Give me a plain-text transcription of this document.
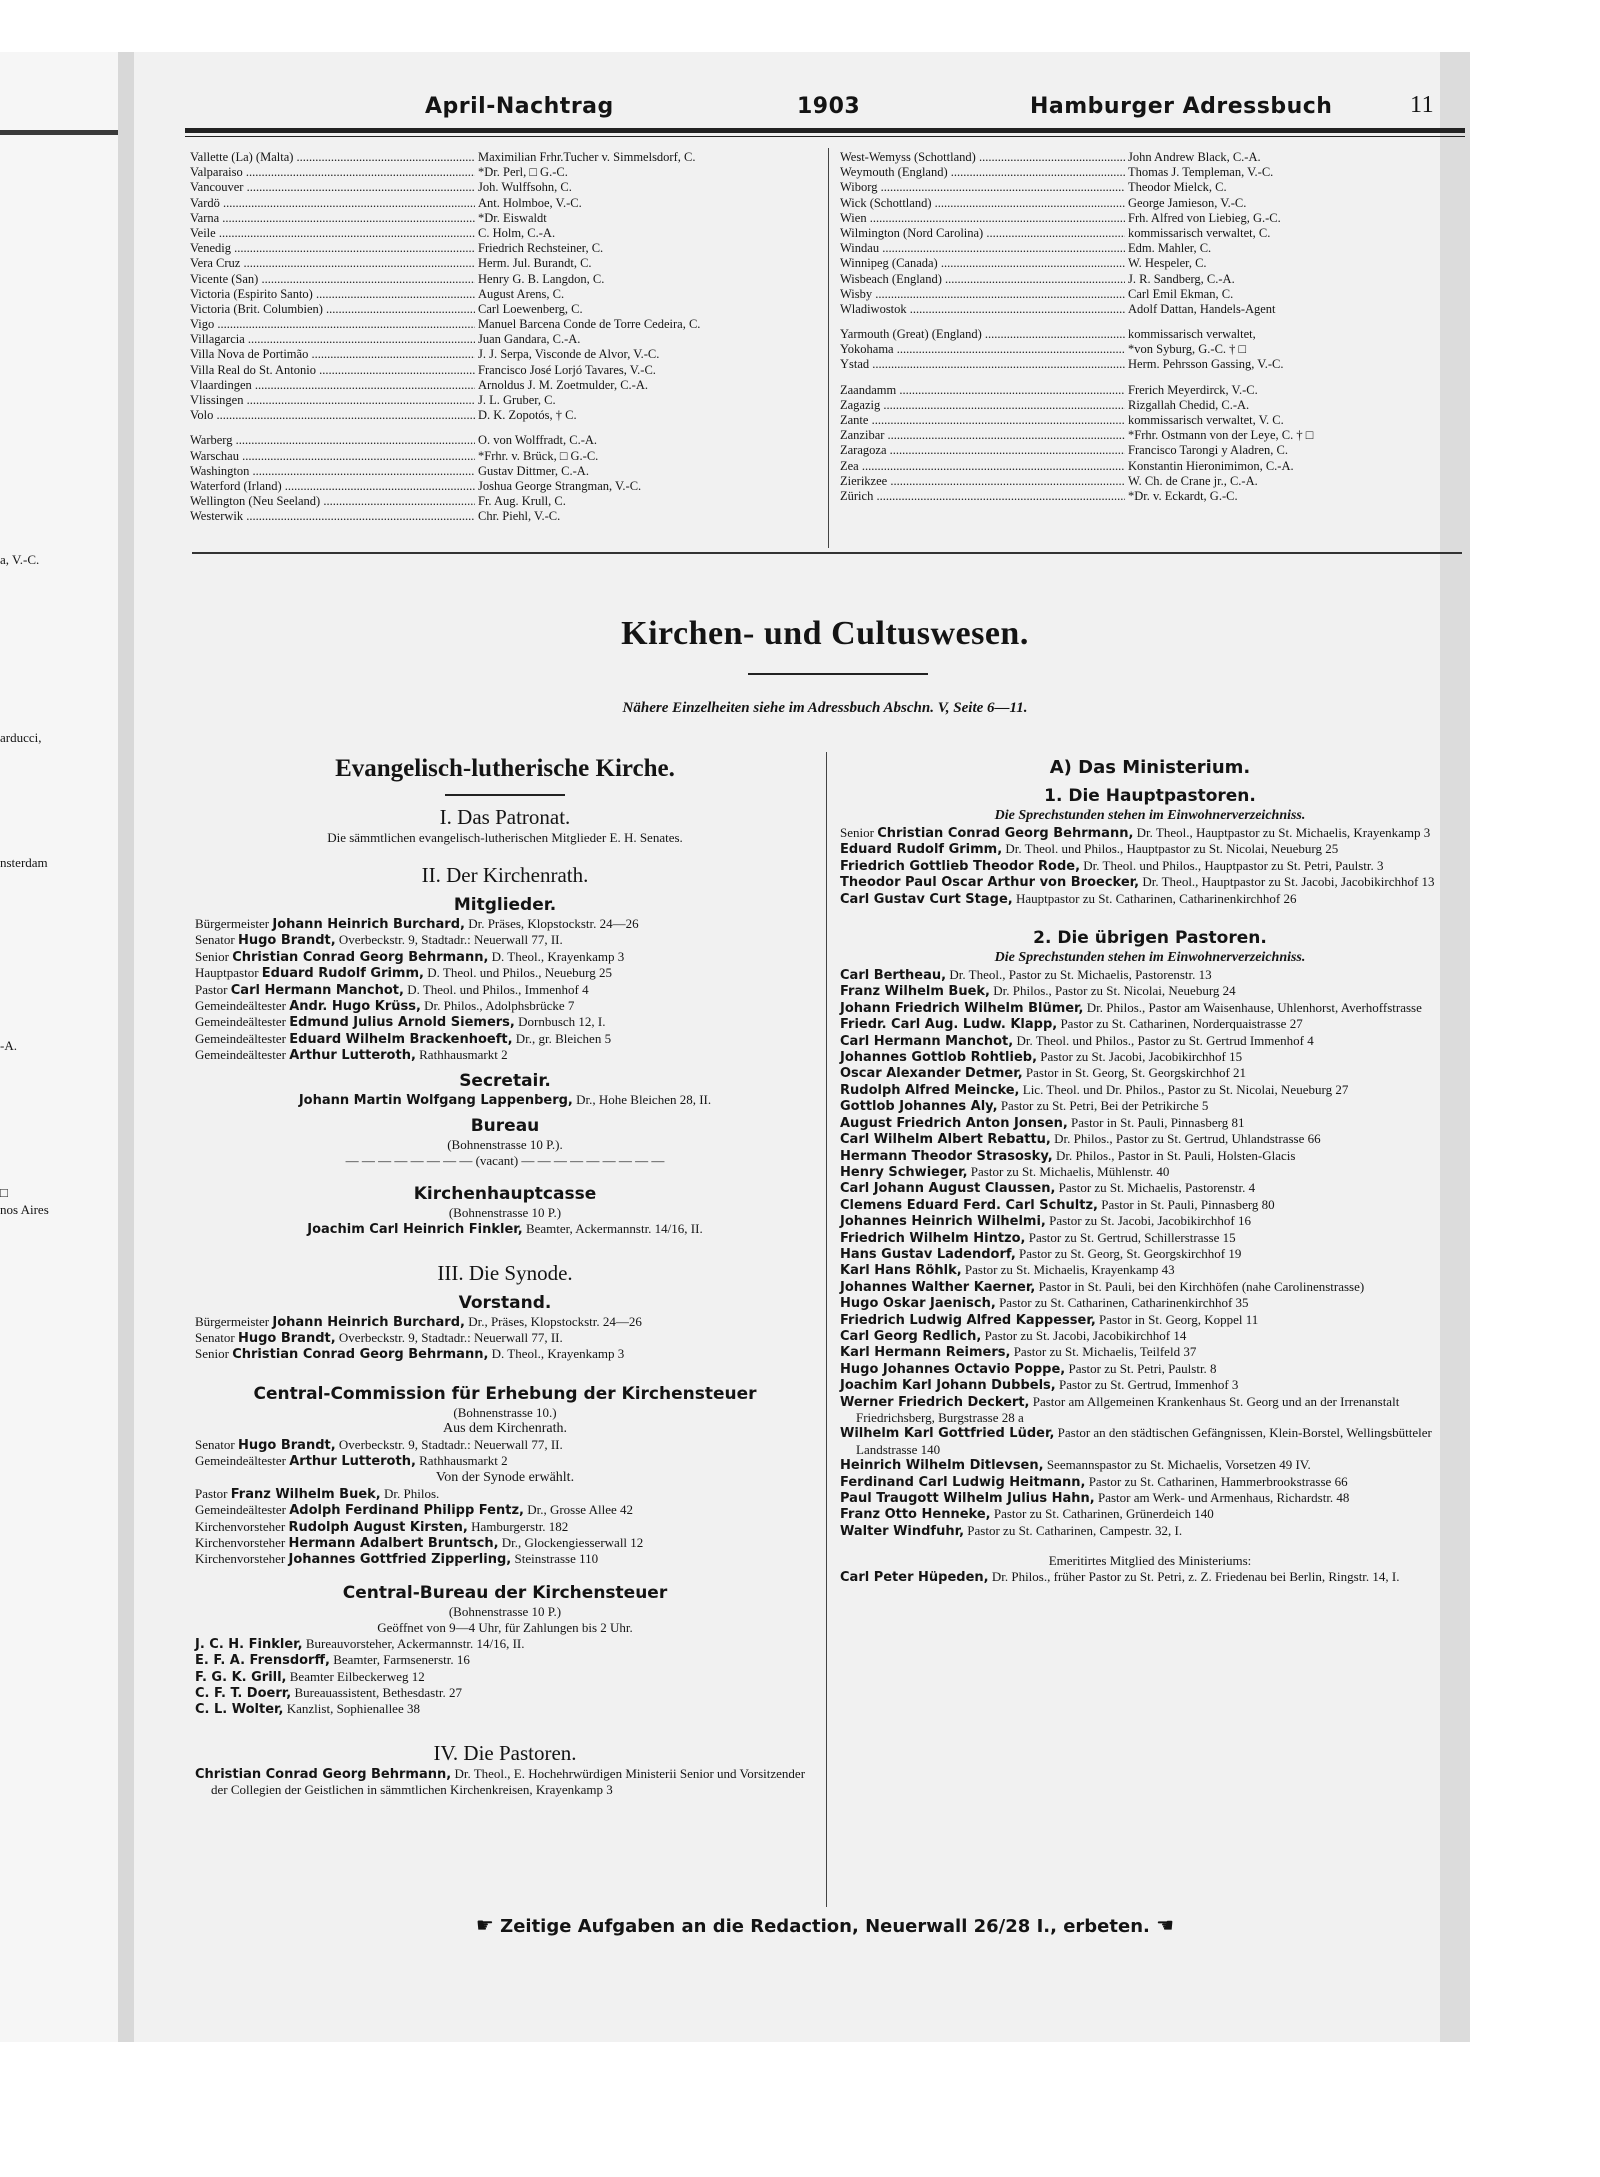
a, V.-C.
arducci,
nsterdam
-A.
□
nos Aires
April-Nachtrag	1903	Hamburger Adressbuch	11
Vallette (La) (Malta) .....	Maximilian Frhr.Tucher v. Simmelsdorf, C.
Valparaiso .....	*Dr. Perl, □ G.-C.
Vancouver .....	Joh. Wulffsohn, C.
Vardö .....	Ant. Holmboe, V.-C.
Varna .....	*Dr. Eiswaldt
Veile .....	C. Holm, C.-A.
Venedig .....	Friedrich Rechsteiner, C.
Vera Cruz .....	Herm. Jul. Burandt, C.
Vicente (San) .....	Henry G. B. Langdon, C.
Victoria (Espirito Santo) .....	August Arens, C.
Victoria (Brit. Columbien) .....	Carl Loewenberg, C.
Vigo .....	Manuel Barcena Conde de Torre Cedeira, C.
Villagarcia .....	Juan Gandara, C.-A.
Villa Nova de Portimão .....	J. J. Serpa, Visconde de Alvor, V.-C.
Villa Real do St. Antonio .....	Francisco José Lorjó Tavares, V.-C.
Vlaardingen .....	Arnoldus J. M. Zoetmulder, C.-A.
Vlissingen .....	J. L. Gruber, C.
Volo .....	D. K. Zopotós, † C.
Warberg .....	O. von Wolffradt, C.-A.
Warschau .....	*Frhr. v. Brück, □ G.-C.
Washington .....	Gustav Dittmer, C.-A.
Waterford (Irland) .....	Joshua George Strangman, V.-C.
Wellington (Neu Seeland) .....	Fr. Aug. Krull, C.
Westerwik .....	Chr. Piehl, V.-C.
West-Wemyss (Schottland) .....	John Andrew Black, C.-A.
Weymouth (England) .....	Thomas J. Templeman, V.-C.
Wiborg .....	Theodor Mielck, C.
Wick (Schottland) .....	George Jamieson, V.-C.
Wien .....	Frh. Alfred von Liebieg, G.-C.
Wilmington (Nord Carolina) .....	kommissarisch verwaltet, C.
Windau .....	Edm. Mahler, C.
Winnipeg (Canada) .....	W. Hespeler, C.
Wisbeach (England) .....	J. R. Sandberg, C.-A.
Wisby .....	Carl Emil Ekman, C.
Wladiwostok .....	Adolf Dattan, Handels-Agent
Yarmouth (Great) (England) .....	kommissarisch verwaltet,
Yokohama .....	*von Syburg, G.-C. † □
Ystad .....	Herm. Pehrsson Gassing, V.-C.
Zaandamm .....	Frerich Meyerdirck, V.-C.
Zagazig .....	Rizgallah Chedid, C.-A.
Zante .....	kommissarisch verwaltet, V. C.
Zanzibar .....	*Frhr. Ostmann von der Leye, C. † □
Zaragoza .....	Francisco Tarongi y Aladren, C.
Zea .....	Konstantin Hieronimimon, C.-A.
Zierikzee .....	W. Ch. de Crane jr., C.-A.
Zürich .....	*Dr. v. Eckardt, G.-C.
Kirchen- und Cultuswesen.
Nähere Einzelheiten siehe im Adressbuch Abschn. V, Seite 6—11.
Evangelisch-lutherische Kirche.
I. Das Patronat.
Die sämmtlichen evangelisch-lutherischen Mitglieder E. H. Senates.
II. Der Kirchenrath.
Mitglieder.

Bürgermeister Johann Heinrich Burchard, Dr. Präses, Klopstockstr. 24—26

Senator Hugo Brandt, Overbeckstr. 9, Stadtadr.: Neuerwall 77, II.

Senior Christian Conrad Georg Behrmann, D. Theol., Krayenkamp 3

Hauptpastor Eduard Rudolf Grimm, D. Theol. und Philos., Neueburg 25

Pastor Carl Hermann Manchot, D. Theol. und Philos., Immenhof 4

Gemeindeältester Andr. Hugo Krüss, Dr. Philos., Adolphsbrücke 7

Gemeindeältester Edmund Julius Arnold Siemers, Dornbusch 12, I.

Gemeindeältester Eduard Wilhelm Brackenhoeft, Dr., gr. Bleichen 5

Gemeindeältester Arthur Lutteroth, Rathhausmarkt 2

Secretair.
Johann Martin Wolfgang Lappenberg, Dr., Hohe Bleichen 28, II.
Bureau
(Bohnenstrasse 10 P.).
— — — — — — — — (vacant) — — — — — — — — —
Kirchenhauptcasse
(Bohnenstrasse 10 P.)
Joachim Carl Heinrich Finkler, Beamter, Ackermannstr. 14/16, II.
III. Die Synode.
Vorstand.

Bürgermeister Johann Heinrich Burchard, Dr., Präses, Klopstockstr. 24—26

Senator Hugo Brandt, Overbeckstr. 9, Stadtadr.: Neuerwall 77, II.

Senior Christian Conrad Georg Behrmann, D. Theol., Krayenkamp 3

Central-Commission für Erhebung der Kirchensteuer
(Bohnenstrasse 10.)
Aus dem Kirchenrath.

Senator Hugo Brandt, Overbeckstr. 9, Stadtadr.: Neuerwall 77, II.

Gemeindeältester Arthur Lutteroth, Rathhausmarkt 2

Von der Synode erwählt.

Pastor Franz Wilhelm Buek, Dr. Philos.

Gemeindeältester Adolph Ferdinand Philipp Fentz, Dr., Grosse Allee 42

Kirchenvorsteher Rudolph August Kirsten, Hamburgerstr. 182

Kirchenvorsteher Hermann Adalbert Bruntsch, Dr., Glockengiesserwall 12

Kirchenvorsteher Johannes Gottfried Zipperling, Steinstrasse 110

Central-Bureau der Kirchensteuer
(Bohnenstrasse 10 P.)
Geöffnet von 9—4 Uhr, für Zahlungen bis 2 Uhr.

J. C. H. Finkler, Bureauvorsteher, Ackermannstr. 14/16, II.

E. F. A. Frensdorff, Beamter, Farmsenerstr. 16

F. G. K. Grill, Beamter Eilbeckerweg 12

C. F. T. Doerr, Bureauassistent, Bethesdastr. 27

C. L. Wolter, Kanzlist, Sophienallee 38

IV. Die Pastoren.

Christian Conrad Georg Behrmann, Dr. Theol., E. Hochehrwürdigen Ministerii Senior und Vorsitzender der Collegien der Geistlichen in sämmtlichen Kirchenkreisen, Krayenkamp 3

A) Das Ministerium.
1. Die Hauptpastoren.
Die Sprechstunden stehen im Einwohnerverzeichniss.

Senior Christian Conrad Georg Behrmann, Dr. Theol., Hauptpastor zu St. Michaelis, Krayenkamp 3

Eduard Rudolf Grimm, Dr. Theol. und Philos., Hauptpastor zu St. Nicolai, Neueburg 25

Friedrich Gottlieb Theodor Rode, Dr. Theol. und Philos., Hauptpastor zu St. Petri, Paulstr. 3

Theodor Paul Oscar Arthur von Broecker, Dr. Theol., Hauptpastor zu St. Jacobi, Jacobikirchhof 13

Carl Gustav Curt Stage, Hauptpastor zu St. Catharinen, Catharinenkirchhof 26

2. Die übrigen Pastoren.
Die Sprechstunden stehen im Einwohnerverzeichniss.

Carl Bertheau, Dr. Theol., Pastor zu St. Michaelis, Pastorenstr. 13

Franz Wilhelm Buek, Dr. Philos., Pastor zu St. Nicolai, Neueburg 24

Johann Friedrich Wilhelm Blümer, Dr. Philos., Pastor am Waisenhause, Uhlenhorst, Averhoffstrasse

Friedr. Carl Aug. Ludw. Klapp, Pastor zu St. Catharinen, Norderquaistrasse 27

Carl Hermann Manchot, Dr. Theol. und Philos., Pastor zu St. Gertrud Immenhof 4

Johannes Gottlob Rohtlieb, Pastor zu St. Jacobi, Jacobikirchhof 15

Oscar Alexander Detmer, Pastor in St. Georg, St. Georgskirchhof 21

Rudolph Alfred Meincke, Lic. Theol. und Dr. Philos., Pastor zu St. Nicolai, Neueburg 27

Gottlob Johannes Aly, Pastor zu St. Petri, Bei der Petrikirche 5

August Friedrich Anton Jonsen, Pastor in St. Pauli, Pinnasberg 81

Carl Wilhelm Albert Rebattu, Dr. Philos., Pastor zu St. Gertrud, Uhlandstrasse 66

Hermann Theodor Strasosky, Dr. Philos., Pastor in St. Pauli, Holsten-Glacis

Henry Schwieger, Pastor zu St. Michaelis, Mühlenstr. 40

Carl Johann August Claussen, Pastor zu St. Michaelis, Pastorenstr. 4

Clemens Eduard Ferd. Carl Schultz, Pastor in St. Pauli, Pinnasberg 80

Johannes Heinrich Wilhelmi, Pastor zu St. Jacobi, Jacobikirchhof 16

Friedrich Wilhelm Hintzo, Pastor zu St. Gertrud, Schillerstrasse 15

Hans Gustav Ladendorf, Pastor zu St. Georg, St. Georgskirchhof 19

Karl Hans Röhlk, Pastor zu St. Michaelis, Krayenkamp 43

Johannes Walther Kaerner, Pastor in St. Pauli, bei den Kirchhöfen (nahe Carolinenstrasse)

Hugo Oskar Jaenisch, Pastor zu St. Catharinen, Catharinenkirchhof 35

Friedrich Ludwig Alfred Kappesser, Pastor in St. Georg, Koppel 11

Carl Georg Redlich, Pastor zu St. Jacobi, Jacobikirchhof 14

Karl Hermann Reimers, Pastor zu St. Michaelis, Teilfeld 37

Hugo Johannes Octavio Poppe, Pastor zu St. Petri, Paulstr. 8

Joachim Karl Johann Dubbels, Pastor zu St. Gertrud, Immenhof 3

Werner Friedrich Deckert, Pastor am Allgemeinen Krankenhaus St. Georg und an der Irrenanstalt Friedrichsberg, Burgstrasse 28 a

Wilhelm Karl Gottfried Lüder, Pastor an den städtischen Gefängnissen, Klein-Borstel, Wellingsbütteler Landstrasse 140

Heinrich Wilhelm Ditlevsen, Seemannspastor zu St. Michaelis, Vorsetzen 49 IV.

Ferdinand Carl Ludwig Heitmann, Pastor zu St. Catharinen, Hammerbrookstrasse 66

Paul Traugott Wilhelm Julius Hahn, Pastor am Werk- und Armenhaus, Richardstr. 48

Franz Otto Henneke, Pastor zu St. Catharinen, Grünerdeich 140

Walter Windfuhr, Pastor zu St. Catharinen, Campestr. 32, I.

Emeritirtes Mitglied des Ministeriums:

Carl Peter Hüpeden, Dr. Philos., früher Pastor zu St. Petri, z. Z. Friedenau bei Berlin, Ringstr. 14, I.

☛ Zeitige Aufgaben an die Redaction, Neuerwall 26/28 I., erbeten. ☚
